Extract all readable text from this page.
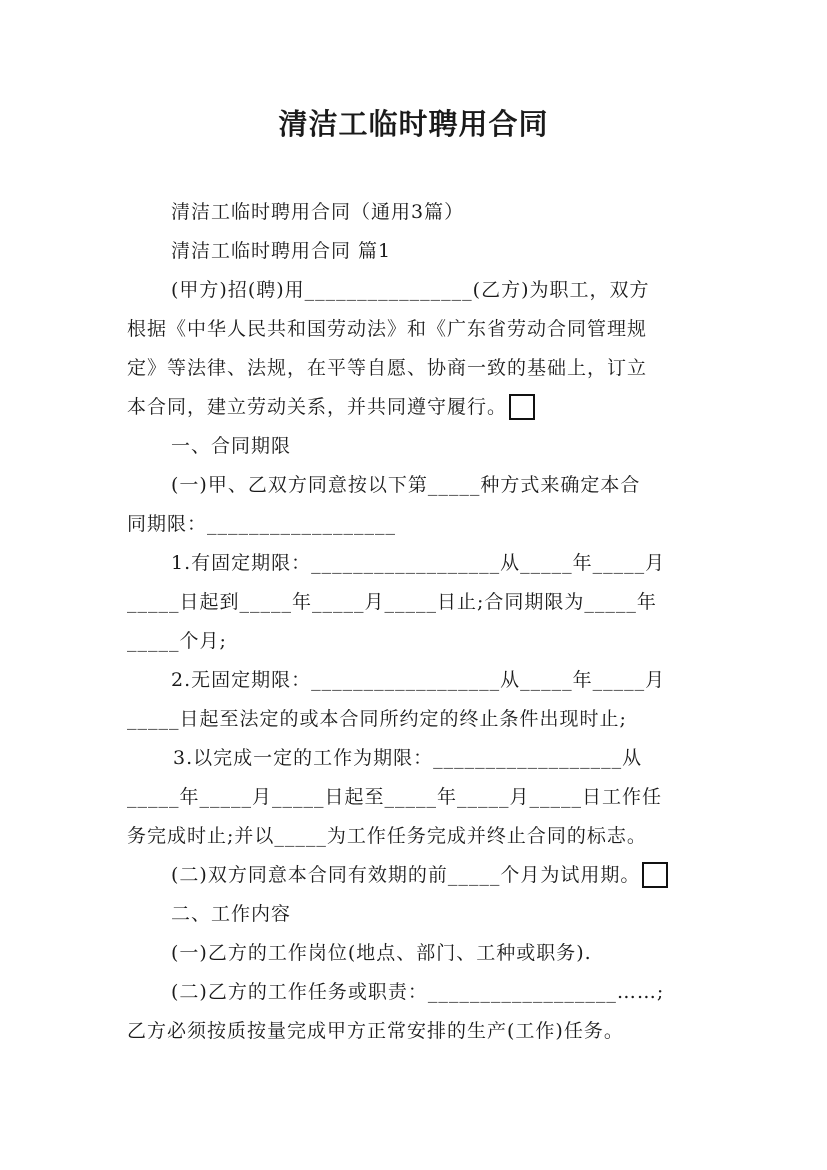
清洁工临时聘用合同
清洁工临时聘用合同（通用3篇）
清洁工临时聘用合同 篇1
(甲方)招(聘)用________________(乙方)为职工，双方
根据《中华人民共和国劳动法》和《广东省劳动合同管理规
定》等法律、法规，在平等自愿、协商一致的基础上，订立
本合同，建立劳动关系，并共同遵守履行。
一、合同期限
(一)甲、乙双方同意按以下第_____种方式来确定本合
同期限：__________________
1.有固定期限：__________________从_____年_____月
_____日起到_____年_____月_____日止;合同期限为_____年
_____个月;
2.无固定期限：__________________从_____年_____月
_____日起至法定的或本合同所约定的终止条件出现时止;
3.以完成一定的工作为期限：__________________从
_____年_____月_____日起至_____年_____月_____日工作任
务完成时止;并以_____为工作任务完成并终止合同的标志。
(二)双方同意本合同有效期的前_____个月为试用期。
二、工作内容
(一)乙方的工作岗位(地点、部门、工种或职务).
(二)乙方的工作任务或职责：__________________……;
乙方必须按质按量完成甲方正常安排的生产(工作)任务。
